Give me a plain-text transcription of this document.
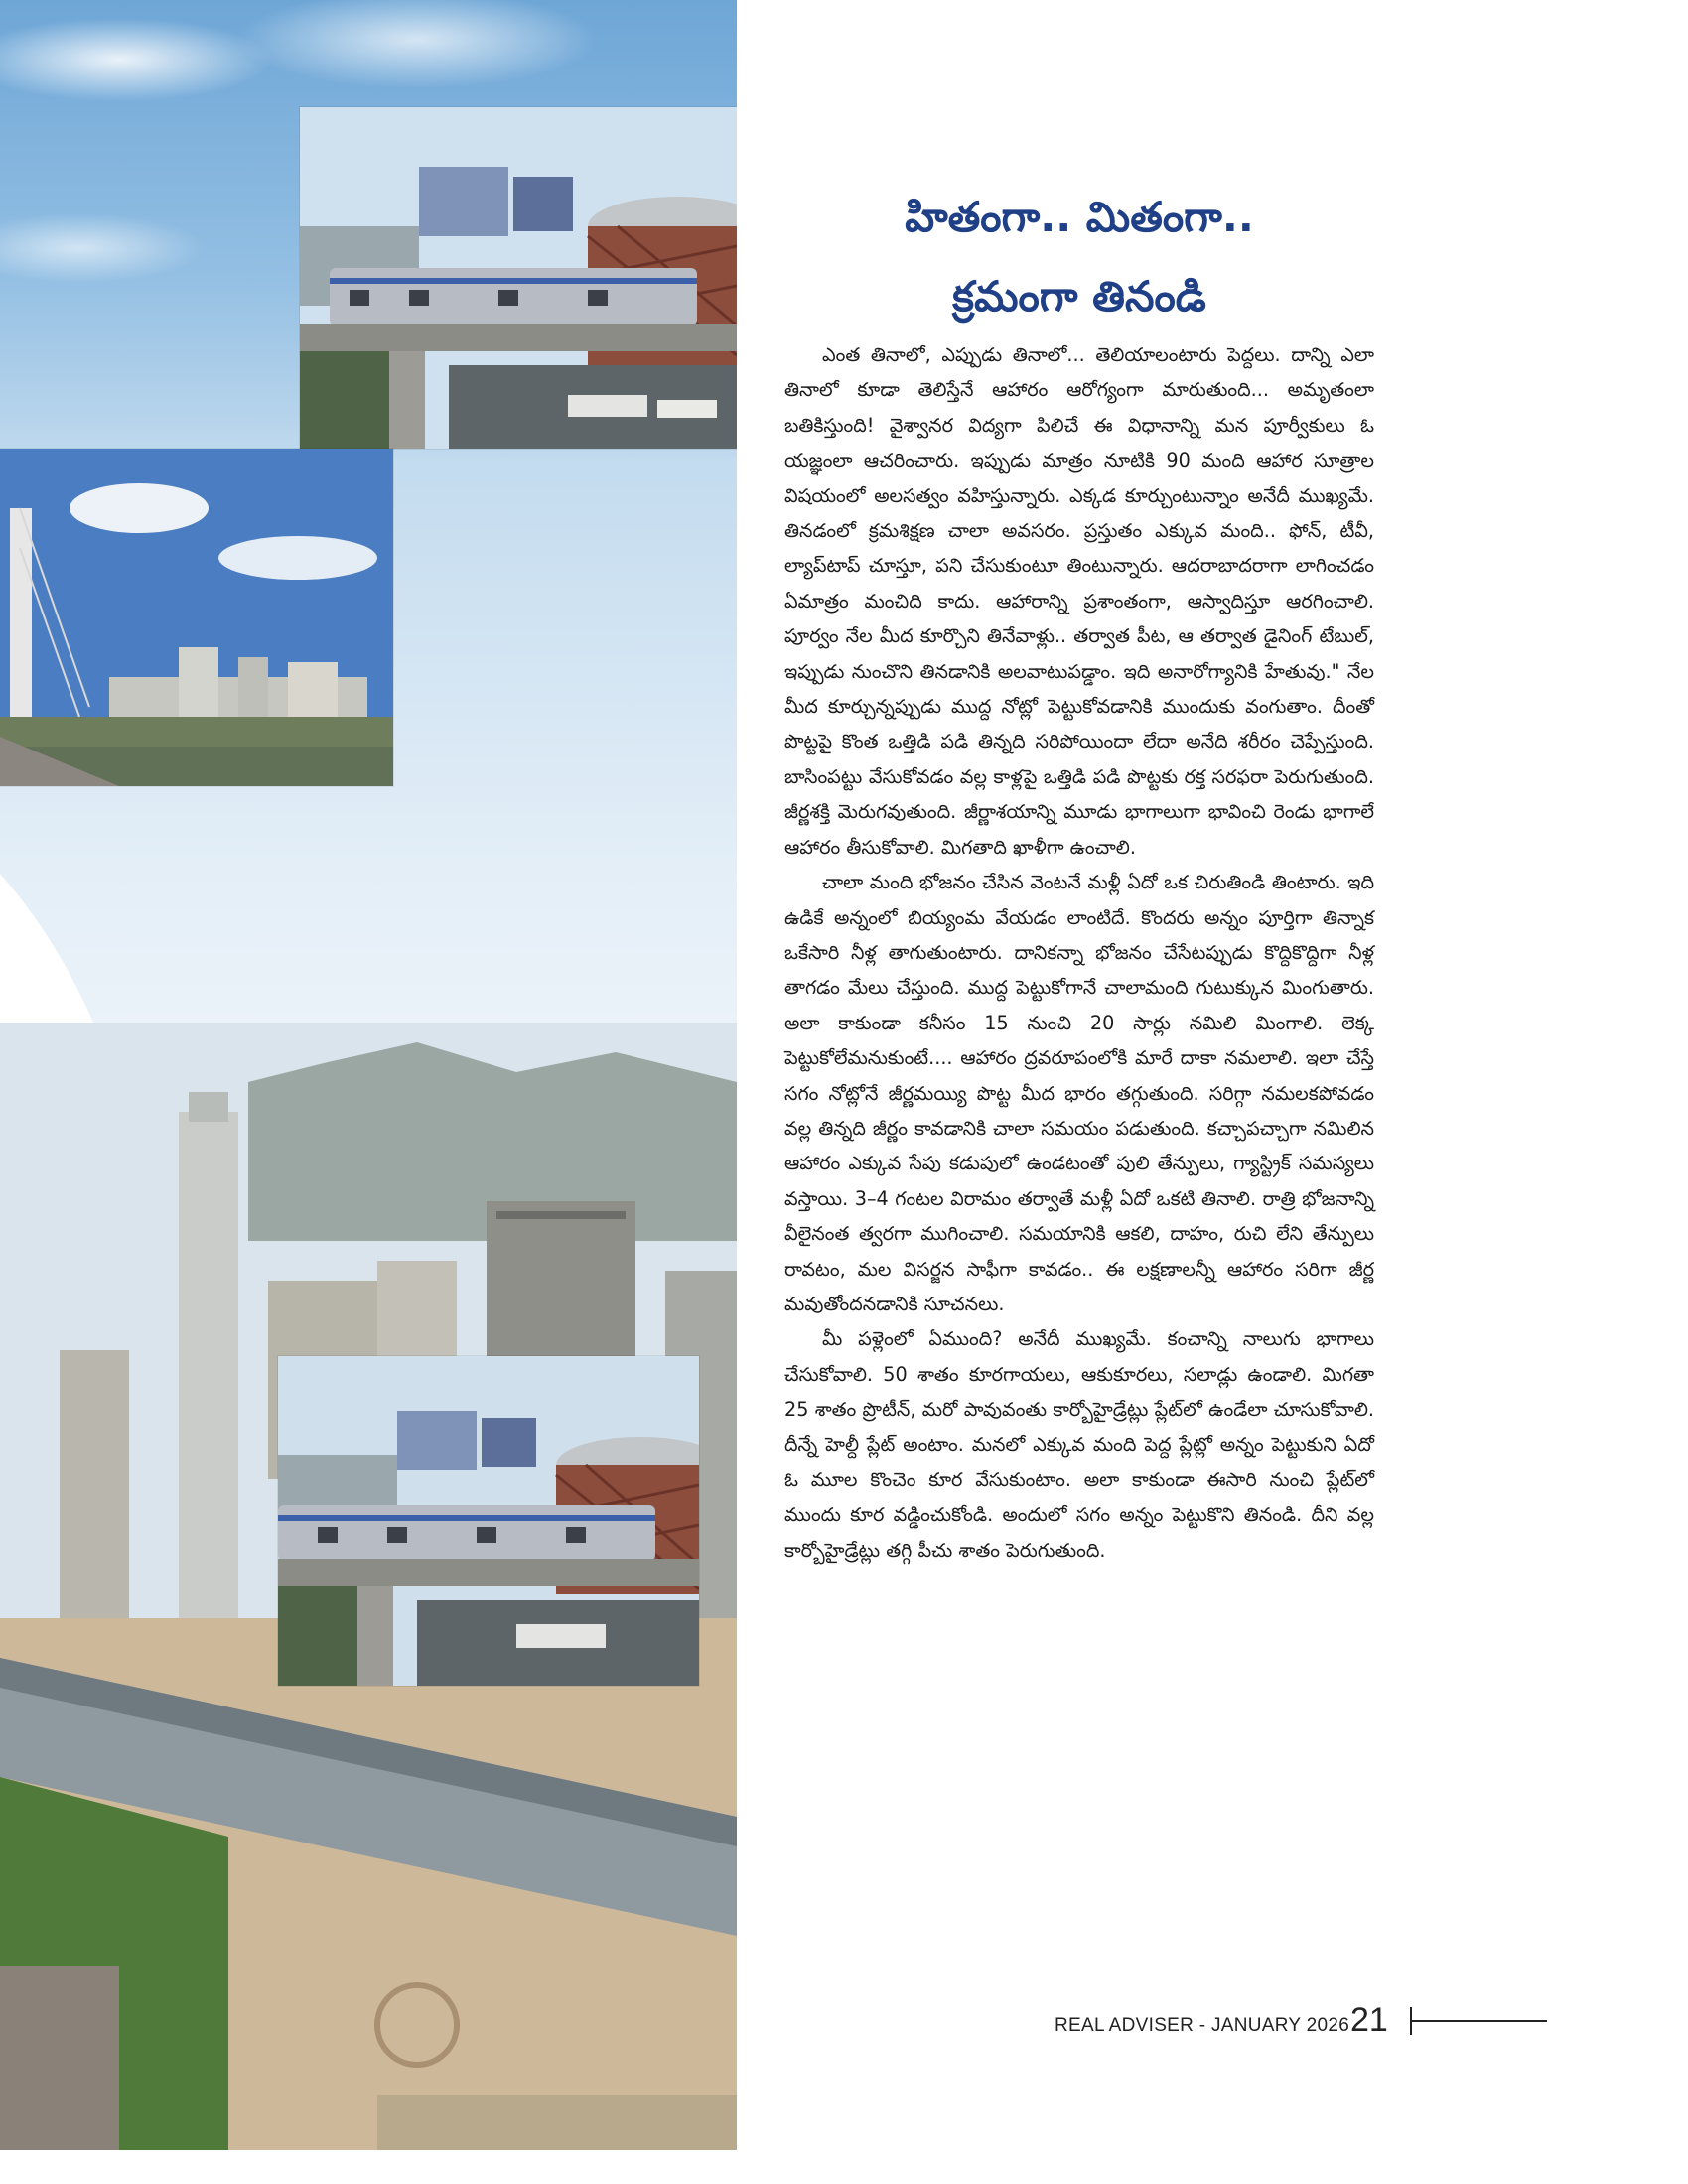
హితంగా.. మితంగా..
క్రమంగా తినండి

ఎంత తినాలో, ఎప్పుడు తినాలో... తెలియాలంటారు పెద్దలు. దాన్ని ఎలా తినాలో కూడా తెలిస్తేనే ఆహారం ఆరోగ్యంగా మారుతుంది... అమృతంలా బతికిస్తుంది! వైశ్వానర విద్యగా పిలిచే ఈ విధానాన్ని మన పూర్వీకులు ఓ యజ్ఞంలా ఆచరించారు. ఇప్పుడు మాత్రం నూటికి 90 మంది ఆహార సూత్రాల విషయంలో అలసత్వం వహిస్తున్నారు. ఎక్కడ కూర్చుంటున్నాం అనేదీ ముఖ్యమే. తినడంలో క్రమశిక్షణ చాలా అవసరం. ప్రస్తుతం ఎక్కువ మంది.. ఫోన్, టీవీ, ల్యాప్‌టాప్ చూస్తూ, పని చేసుకుంటూ తింటున్నారు. ఆదరాబాదరాగా లాగించడం ఏమాత్రం మంచిది కాదు. ఆహారాన్ని ప్రశాంతంగా, ఆస్వాదిస్తూ ఆరగించాలి. పూర్వం నేల మీద కూర్చొని తినేవాళ్లు.. తర్వాత పీట, ఆ తర్వాత డైనింగ్ టేబుల్, ఇప్పుడు నుంచొని తినడానికి అలవాటుపడ్డాం. ఇది అనారోగ్యానికి హేతువు." నేల మీద కూర్చున్నప్పుడు ముద్ద నోట్లో పెట్టుకోవడానికి ముందుకు వంగుతాం. దీంతో పొట్టపై కొంత ఒత్తిడి పడి తిన్నది సరిపోయిందా లేదా అనేది శరీరం చెప్పేస్తుంది. బాసింపట్టు వేసుకోవడం వల్ల కాళ్లపై ఒత్తిడి పడి పొట్టకు రక్త సరఫరా పెరుగుతుంది. జీర్ణశక్తి మెరుగవుతుంది. జీర్ణాశయాన్ని మూడు భాగాలుగా భావించి రెండు భాగాలే ఆహారం తీసుకోవాలి. మిగతాది ఖాళీగా ఉంచాలి.

చాలా మంది భోజనం చేసిన వెంటనే మళ్లీ ఏదో ఒక చిరుతిండి తింటారు. ఇది ఉడికే అన్నంలో బియ్యంమ వేయడం లాంటిదే. కొందరు అన్నం పూర్తిగా తిన్నాక ఒకేసారి నీళ్ల తాగుతుంటారు. దానికన్నా భోజనం చేసేటప్పుడు కొద్దికొద్దిగా నీళ్ల తాగడం మేలు చేస్తుంది. ముద్ద పెట్టుకోగానే చాలామంది గుటుక్కున మింగుతారు. అలా కాకుండా కనీసం 15 నుంచి 20 సార్లు నమిలి మింగాలి. లెక్క పెట్టుకోలేమనుకుంటే.... ఆహారం ద్రవరూపంలోకి మారే దాకా నమలాలి. ఇలా చేస్తే సగం నోట్లోనే జీర్ణమయ్యి పొట్ట మీద భారం తగ్గుతుంది. సరిగ్గా నమలకపోవడం వల్ల తిన్నది జీర్ణం కావడానికి చాలా సమయం పడుతుంది. కచ్చాపచ్చాగా నమిలిన ఆహారం ఎక్కువ సేపు కడుపులో ఉండటంతో పులి తేన్పులు, గ్యాస్ట్రిక్ సమస్యలు వస్తాయి. 3–4 గంటల విరామం తర్వాతే మళ్లీ ఏదో ఒకటి తినాలి. రాత్రి భోజనాన్ని వీలైనంత త్వరగా ముగించాలి. సమయానికి ఆకలి, దాహం, రుచి లేని తేన్పులు రావటం, మల విసర్జన సాఫీగా కావడం.. ఈ లక్షణాలన్నీ ఆహారం సరిగా జీర్ణ మవుతోందనడానికి సూచనలు.

మీ పళ్లెంలో ఏముంది? అనేదీ ముఖ్యమే. కంచాన్ని నాలుగు భాగాలు చేసుకోవాలి. 50 శాతం కూరగాయలు, ఆకుకూరలు, సలాడ్లు ఉండాలి. మిగతా 25 శాతం ప్రొటీన్, మరో పావువంతు కార్బోహైడ్రేట్లు ప్లేట్‌లో ఉండేలా చూసుకోవాలి. దీన్నే హెల్దీ ప్లేట్ అంటాం. మనలో ఎక్కువ మంది పెద్ద ప్లేట్లో అన్నం పెట్టుకుని ఏదో ఓ మూల కొంచెం కూర వేసుకుంటాం. అలా కాకుండా ఈసారి నుంచి ప్లేట్‌లో ముందు కూర వడ్డించుకోండి. అందులో సగం అన్నం పెట్టుకొని తినండి. దీని వల్ల కార్బోహైడ్రేట్లు తగ్గి పీచు శాతం పెరుగుతుంది.

REAL ADVISER - JANUARY 2026 21
